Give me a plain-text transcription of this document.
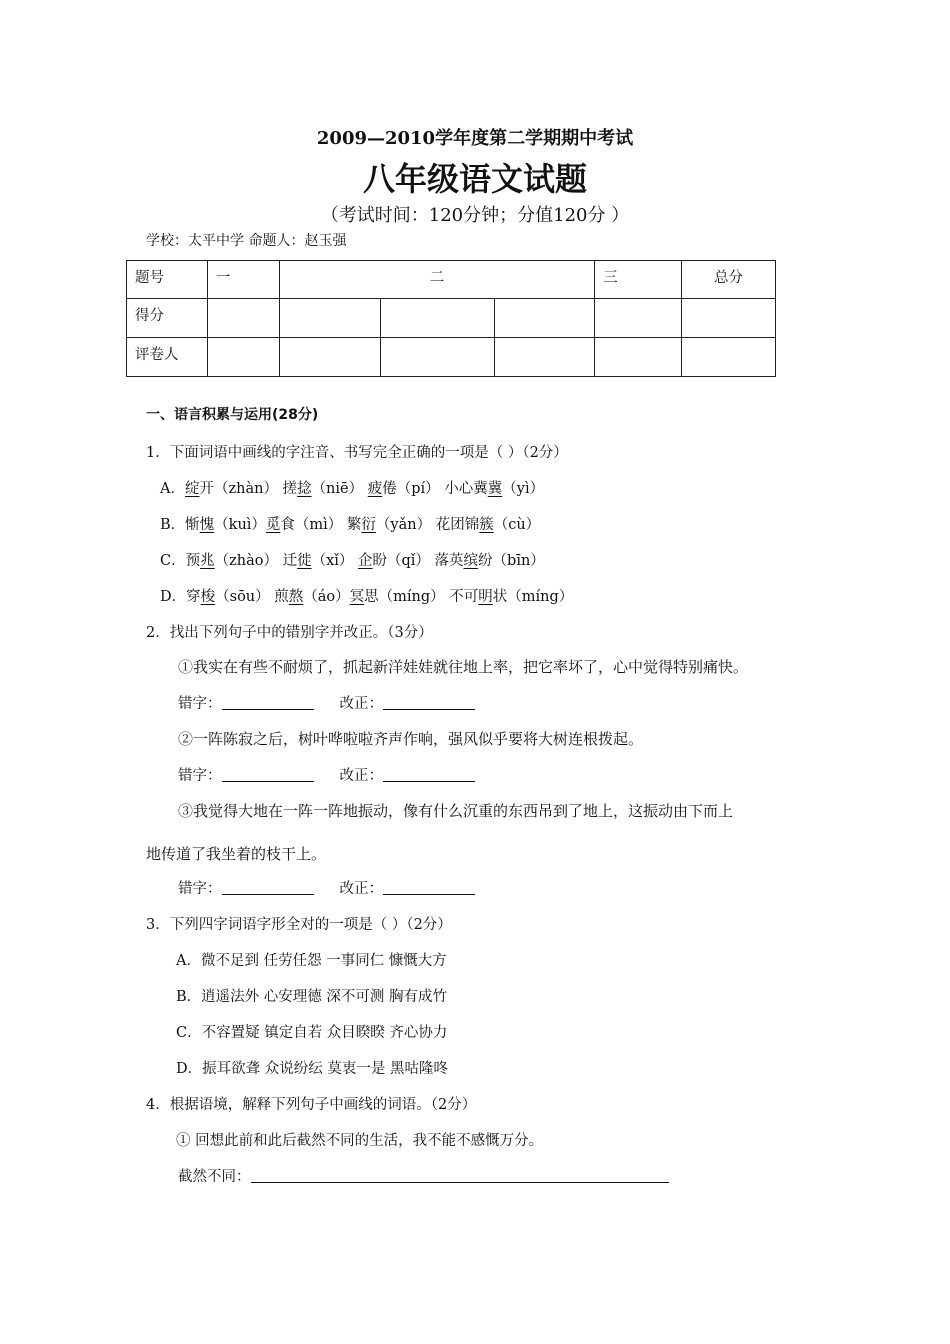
2009—2010学年度第二学期期中考试
八年级语文试题
（考试时间：120分钟；分值120分 ）
学校：太平中学 命题人：赵玉强
题号	一	二			三	总分
得分						
评卷人						
一、语言积累与运用(28分)
1．下面词语中画线的字注音、书写完全正确的一项是（ ）（2分）
A．绽开（zhàn） 搓捻（niē） 疲倦（pí） 小心冀冀（yì）
B．惭愧（kuì）觅食（mì） 繁衍（yǎn） 花团锦簇（cù）
C．预兆（zhào） 迁徙（xǐ） 企盼（qǐ） 落英缤纷（bīn）
D．穿梭（sōu） 煎熬（áo）冥思（míng） 不可明状（míng）
2．找出下列句子中的错别字并改正。（3分）
①我实在有些不耐烦了，抓起新洋娃娃就往地上率，把它率坏了，心中觉得特别痛快。
错字：	改正：
②一阵陈寂之后，树叶哗啦啦齐声作响，强风似乎要将大树连根拨起。
错字：	改正：
③我觉得大地在一阵一阵地振动，像有什么沉重的东西吊到了地上，这振动由下而上
地传道了我坐着的枝干上。
错字：	改正：
3．下列四字词语字形全对的一项是（ ）（2分）
A．微不足到 任劳任怨 一事同仁 慷慨大方
B．逍遥法外 心安理德 深不可测 胸有成竹
C．不容置疑 镇定自若 众目睽睽 齐心协力
D．振耳欲聋 众说纷纭 莫衷一是 黑咕隆咚
4．根据语境，解释下列句子中画线的词语。（2分）
① 回想此前和此后截然不同的生活，我不能不感慨万分。
截然不同：
